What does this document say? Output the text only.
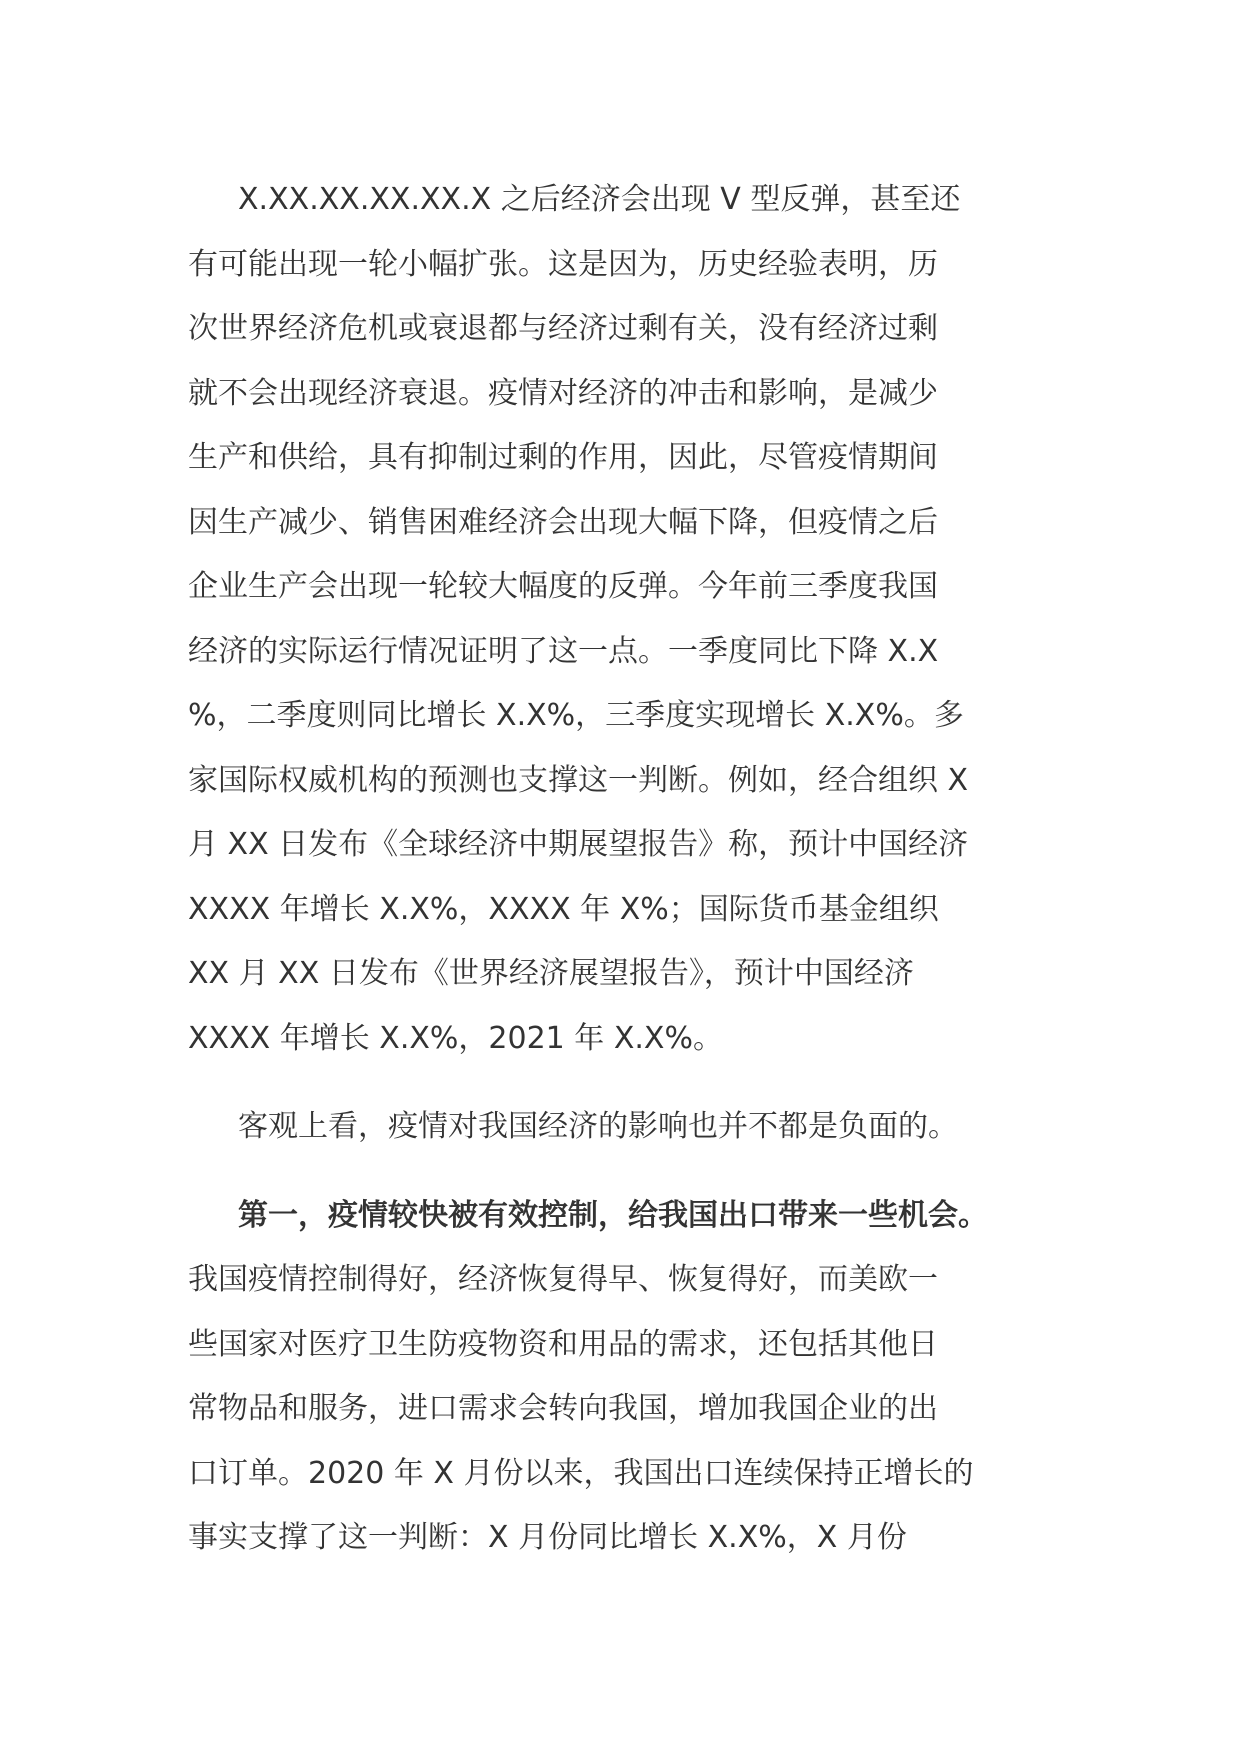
X.XX.XX.XX.XX.X 之后经济会出现 V 型反弹，甚至还
有可能出现一轮小幅扩张。这是因为，历史经验表明，历
次世界经济危机或衰退都与经济过剩有关，没有经济过剩
就不会出现经济衰退。疫情对经济的冲击和影响，是减少
生产和供给，具有抑制过剩的作用，因此，尽管疫情期间
因生产减少、销售困难经济会出现大幅下降，但疫情之后
企业生产会出现一轮较大幅度的反弹。今年前三季度我国
经济的实际运行情况证明了这一点。一季度同比下降 X.X
%，二季度则同比增长 X.X%，三季度实现增长 X.X%。多
家国际权威机构的预测也支撑这一判断。例如，经合组织 X
月 XX 日发布《全球经济中期展望报告》称，预计中国经济
XXXX 年增长 X.X%，XXXX 年 X%；国际货币基金组织
XX 月 XX 日发布《世界经济展望报告》，预计中国经济
XXXX 年增长 X.X%，2021 年 X.X%。
客观上看，疫情对我国经济的影响也并不都是负面的。
第一，疫情较快被有效控制，给我国出口带来一些机会。
我国疫情控制得好，经济恢复得早、恢复得好，而美欧一
些国家对医疗卫生防疫物资和用品的需求，还包括其他日
常物品和服务，进口需求会转向我国，增加我国企业的出
口订单。2020 年 X 月份以来，我国出口连续保持正增长的
事实支撑了这一判断：X 月份同比增长 X.X%，X 月份
